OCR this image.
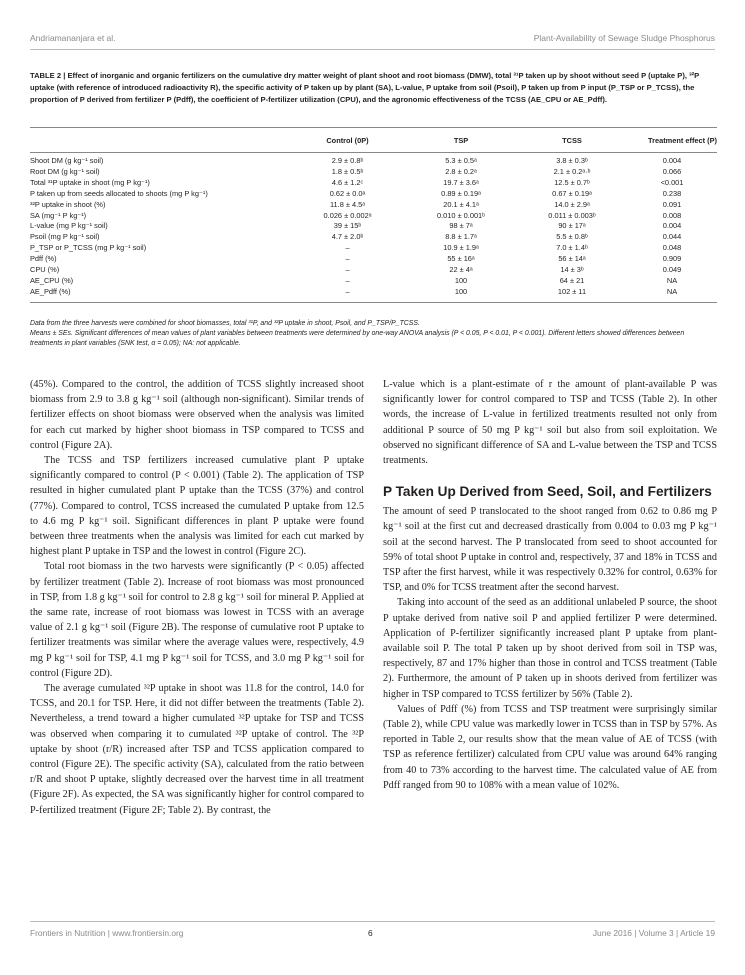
Andriamananjara et al.	Plant-Availability of Sewage Sludge Phosphorus
TABLE 2 | Effect of inorganic and organic fertilizers on the cumulative dry matter weight of plant shoot and root biomass (DMW), total ³¹P taken up by shoot without seed P (uptake P), ³²P uptake (with reference of introduced radioactivity R), the specific activity of P taken up by plant (SA), L-value, P uptake from soil (Psoil), P taken up from P input (P_TSP or P_TCSS), the proportion of P derived from fertilizer P (Pdff), the coefficient of P-fertilizer utilization (CPU), and the agronomic effectiveness of the TCSS (AE_CPU or AE_Pdff).
	Control (0P)	TSP	TCSS	Treatment effect (P)
Shoot DM (g kg⁻¹ soil)	2.9 ± 0.8ᵇ	5.3 ± 0.5ᵃ	3.8 ± 0.3ᵇ	0.004
Root DM (g kg⁻¹ soil)	1.8 ± 0.5ᵇ	2.8 ± 0.2ᵃ	2.1 ± 0.2ᵃ·ᵇ	0.066
Total ³¹P uptake in shoot (mg P kg⁻¹)	4.6 ± 1.2ᶜ	19.7 ± 3.6ᵃ	12.5 ± 0.7ᵇ	<0.001
P taken up from seeds allocated to shoots (mg P kg⁻¹)	0.62 ± 0.0ᵃ	0.89 ± 0.19ᵃ	0.67 ± 0.19ᵃ	0.238
³²P uptake in shoot (%)	11.8 ± 4.5ᵃ	20.1 ± 4.1ᵃ	14.0 ± 2.9ᵃ	0.091
SA (mg⁻¹ P kg⁻¹)	0.026 ± 0.002ᵃ	0.010 ± 0.001ᵇ	0.011 ± 0.003ᵇ	0.008
L-value (mg P kg⁻¹ soil)	39 ± 15ᵇ	98 ± 7ᵃ	90 ± 17ᵃ	0.004
Psoil (mg P kg⁻¹ soil)	4.7 ± 2.0ᵇ	8.8 ± 1.7ᵃ	5.5 ± 0.8ᵇ	0.044
P_TSP or P_TCSS (mg P kg⁻¹ soil)	–	10.9 ± 1.9ᵃ	7.0 ± 1.4ᵇ	0.048
Pdff (%)	–	55 ± 16ᵃ	56 ± 14ᵃ	0.909
CPU (%)	–	22 ± 4ᵃ	14 ± 3ᵇ	0.049
AE_CPU (%)	–	100	64 ± 21	NA
AE_Pdff (%)	–	100	102 ± 11	NA

Data from the three harvests were combined for shoot biomasses, total ³¹P, and ³²P uptake in shoot, Psoil, and P_TSP/P_TCSS.

Means ± SEs. Significant differences of mean values of plant variables between treatments were determined by one-way ANOVA analysis (P < 0.05, P < 0.01, P < 0.001). Different letters showed differences between treatments in plant variables (SNK test, α = 0.05); NA: not applicable.

(45%). Compared to the control, the addition of TCSS slightly increased shoot biomass from 2.9 to 3.8 g kg⁻¹ soil (although non-significant). Similar trends of fertilizer effects on shoot biomass were observed when the analysis was limited for each cut marked by higher shoot biomass in TSP compared to TCSS and control (Figure 2A).

The TCSS and TSP fertilizers increased cumulative plant P uptake significantly compared to control (P < 0.001) (Table 2). The application of TSP resulted in higher cumulated plant P uptake than the TCSS (37%) and control (77%). Compared to control, TCSS increased the cumulated P uptake from 12.5 to 4.6 mg P kg⁻¹ soil. Significant differences in plant P uptake were found between three treatments when the analysis was limited for each cut marked by highest plant P uptake in TSP and the lowest in control (Figure 2C).

Total root biomass in the two harvests were significantly (P < 0.05) affected by fertilizer treatment (Table 2). Increase of root biomass was most pronounced in TSP, from 1.8 g kg⁻¹ soil for control to 2.8 g kg⁻¹ soil for mineral P. Applied at the same rate, increase of root biomass was lowest in TCSS with an average value of 2.1 g kg⁻¹ soil (Figure 2B). The response of cumulative root P uptake to fertilizer treatments was similar where the average values were, respectively, 4.9 mg P kg⁻¹ soil for TSP, 4.1 mg P kg⁻¹ soil for TCSS, and 3.0 mg P kg⁻¹ soil for control (Figure 2D).

The average cumulated ³²P uptake in shoot was 11.8 for the control, 14.0 for TCSS, and 20.1 for TSP. Here, it did not differ between the treatments (Table 2). Nevertheless, a trend toward a higher cumulated ³²P uptake for TSP and TCSS was observed when comparing it to cumulated ³²P uptake of control. The ³²P uptake by shoot (r/R) increased after TSP and TCSS application compared to control (Figure 2E). The specific activity (SA), calculated from the ratio between r/R and shoot P uptake, slightly decreased over the harvest time in all treatment (Figure 2F). As expected, the SA was significantly higher for control compared to P-fertilized treatment (Figure 2F; Table 2). By contrast, the

L-value which is a plant-estimate of r the amount of plant-available P was significantly lower for control compared to TSP and TCSS (Table 2). In other words, the increase of L-value in fertilized treatments resulted not only from additional P source of 50 mg P kg⁻¹ soil but also from soil exploitation. We observed no significant difference of SA and L-value between the TSP and TCSS treatments.

P Taken Up Derived from Seed, Soil, and Fertilizers

The amount of seed P translocated to the shoot ranged from 0.62 to 0.86 mg P kg⁻¹ soil at the first cut and decreased drastically from 0.004 to 0.03 mg P kg⁻¹ soil at the second harvest. The P translocated from seed to shoot accounted for 59% of total shoot P uptake in control and, respectively, 37 and 18% in TCSS and TSP after the first harvest, while it was respectively 0.32% for control, 0.63% for TSP, and 0% for TCSS treatment after the second harvest.

Taking into account of the seed as an additional unlabeled P source, the shoot P uptake derived from native soil P and applied fertilizer P were determined. Application of P-fertilizer significantly increased plant P uptake from plant-available soil P. The total P taken up by shoot derived from soil in TSP was, respectively, 87 and 17% higher than those in control and TCSS treatment (Table 2). Furthermore, the amount of P taken up in shoots derived from fertilizer was higher in TSP compared to TCSS fertilizer by 56% (Table 2).

Values of Pdff (%) from TCSS and TSP treatment were surprisingly similar (Table 2), while CPU value was markedly lower in TCSS than in TSP by 57%. As reported in Table 2, our results show that the mean value of AE of TCSS (with TSP as reference fertilizer) calculated from CPU value was around 64% ranging from 40 to 73% according to the harvest time. The calculated value of AE from Pdff ranged from 90 to 108% with a mean value of 102%.

Frontiers in Nutrition | www.frontiersin.org	6	June 2016 | Volume 3 | Article 19
